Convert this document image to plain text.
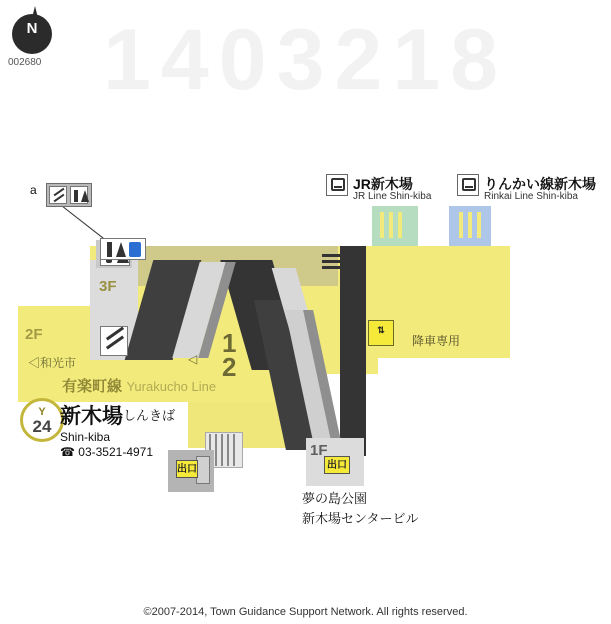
1403218
N
002680
出口	出口
⇅
3F
2F
1F
1
2
◁和光市	◁
降車専用
夢の島公園
新木場センタービル
a	JR新木場
JR Line Shin-kiba
りんかい線新木場
Rinkai Line Shin-kiba
有楽町線 Yurakucho Line
Y
24 新木場しんきば
Shin-kiba
☎ 03-3521-4971
©2007-2014, Town Guidance Support Network. All rights reserved.
